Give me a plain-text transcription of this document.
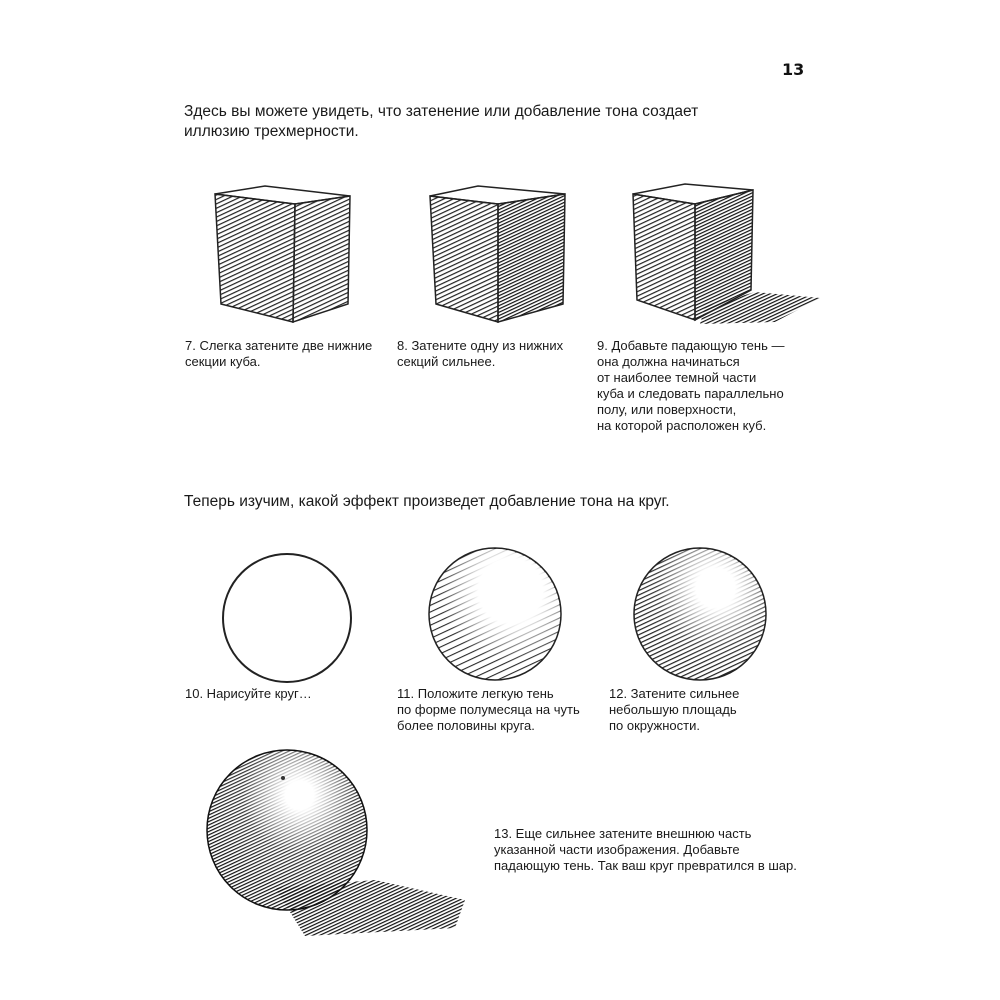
13

Здесь вы можете увидеть, что затенение или добавление тона создает иллюзию трехмерности.

7. Слегка затените две нижние
секции куба.

8. Затените одну из нижних
секций сильнее.

9. Добавьте падающую тень —
она должна начинаться
от наиболее темной части
куба и следовать параллельно
полу, или поверхности,
на которой расположен куб.

Теперь изучим, какой эффект произведет добавление тона на круг.

10. Нарисуйте круг…	11. Положите легкую тень
по форме полумесяца на чуть
более половины круга.

12. Затените сильнее
небольшую площадь
по окружности.

13. Еще сильнее затените внешнюю часть
указанной части изображения. Добавьте
падающую тень. Так ваш круг превратился в шар.
